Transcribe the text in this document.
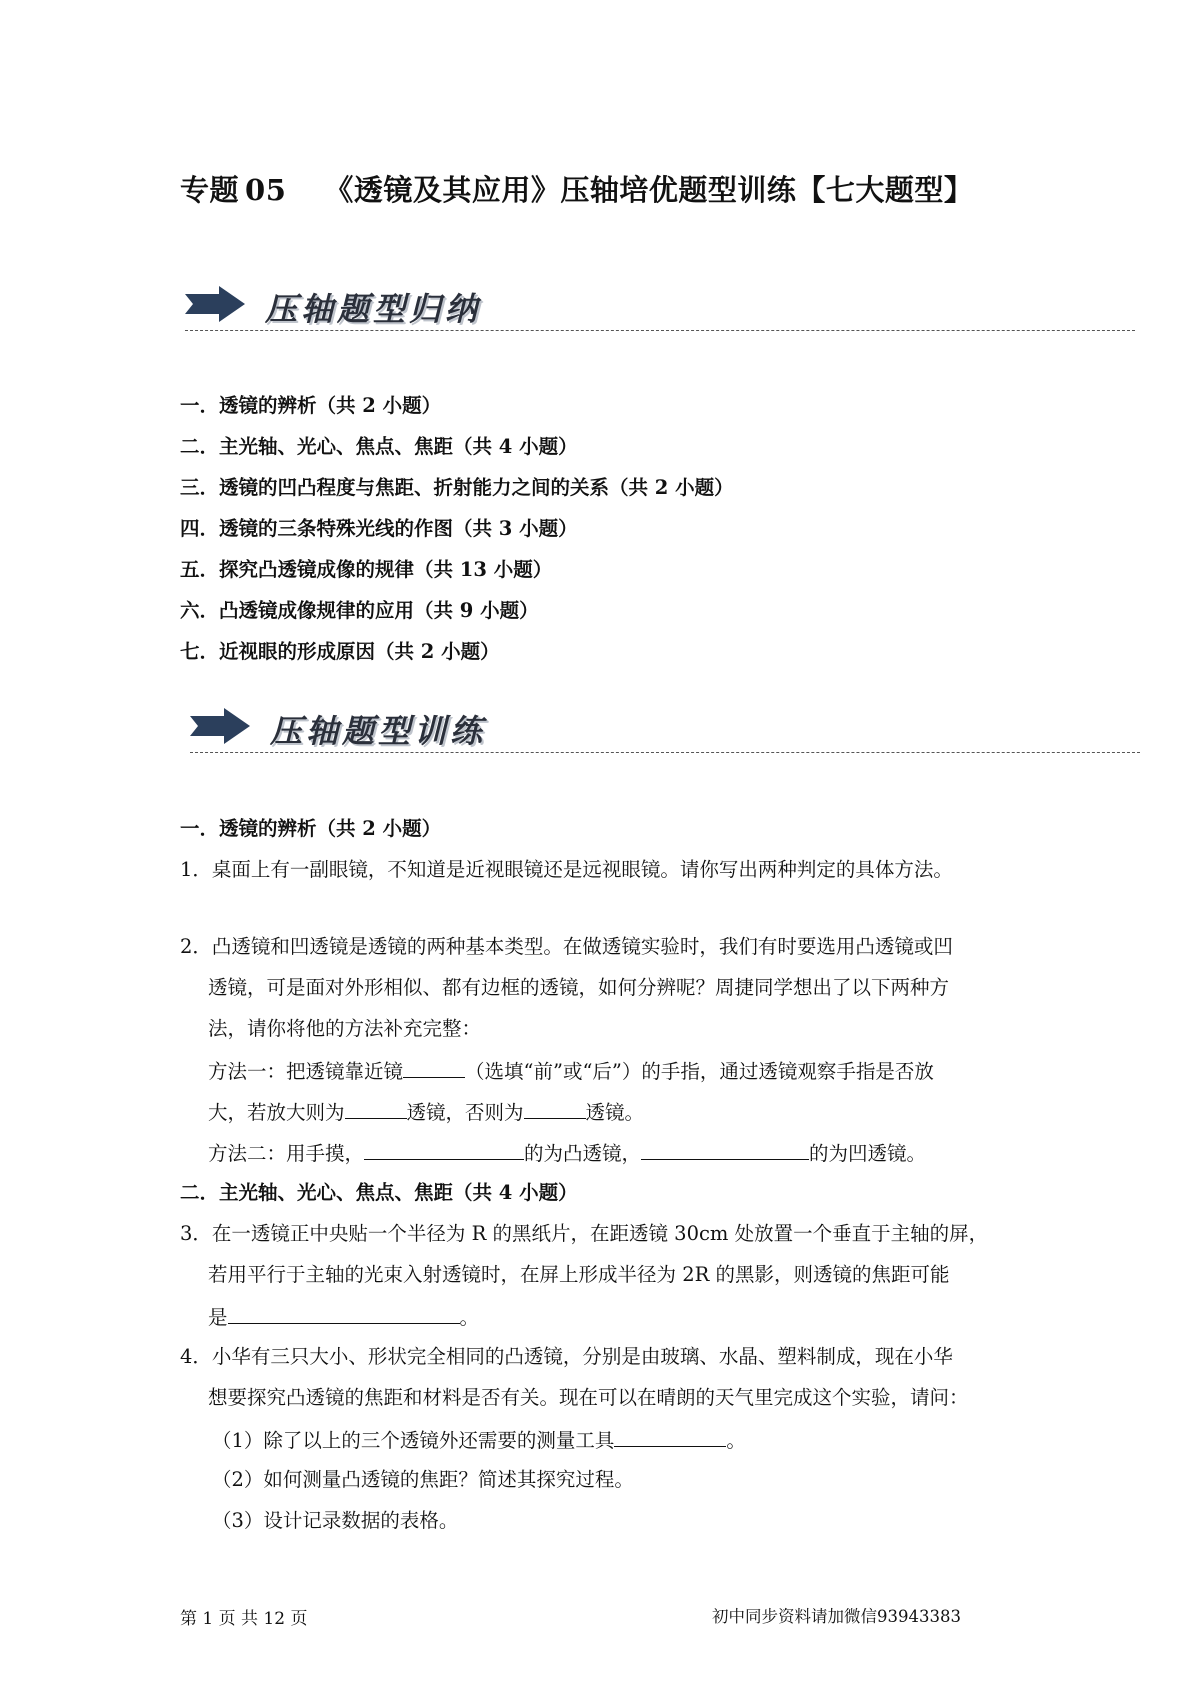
专题 05 《透镜及其应用》压轴培优题型训练【七大题型】
压轴题型归纳
一．透镜的辨析（共 2 小题）
二．主光轴、光心、焦点、焦距（共 4 小题）
三．透镜的凹凸程度与焦距、折射能力之间的关系（共 2 小题）
四．透镜的三条特殊光线的作图（共 3 小题）
五．探究凸透镜成像的规律（共 13 小题）
六．凸透镜成像规律的应用（共 9 小题）
七．近视眼的形成原因（共 2 小题）
压轴题型训练
一．透镜的辨析（共 2 小题）
1．桌面上有一副眼镜，不知道是近视眼镜还是远视眼镜。请你写出两种判定的具体方法。
2．凸透镜和凹透镜是透镜的两种基本类型。在做透镜实验时，我们有时要选用凸透镜或凹
透镜，可是面对外形相似、都有边框的透镜，如何分辨呢？周捷同学想出了以下两种方
法，请你将他的方法补充完整：
方法一：把透镜靠近镜	（选填“前”或“后”）的手指，通过透镜观察手指是否放
大，若放大则为	透镜，否则为	透镜。
方法二：用手摸，	的为凸透镜，	的为凹透镜。
二．主光轴、光心、焦点、焦距（共 4 小题）
3．在一透镜正中央贴一个半径为 R 的黑纸片，在距透镜 30cm 处放置一个垂直于主轴的屏，
若用平行于主轴的光束入射透镜时，在屏上形成半径为 2R 的黑影，则透镜的焦距可能
是	。
4．小华有三只大小、形状完全相同的凸透镜，分别是由玻璃、水晶、塑料制成，现在小华
想要探究凸透镜的焦距和材料是否有关。现在可以在晴朗的天气里完成这个实验，请问：
（1）除了以上的三个透镜外还需要的测量工具	。
（2）如何测量凸透镜的焦距？简述其探究过程。
（3）设计记录数据的表格。
第 1 页 共 12 页	初中同步资料请加微信93943383
